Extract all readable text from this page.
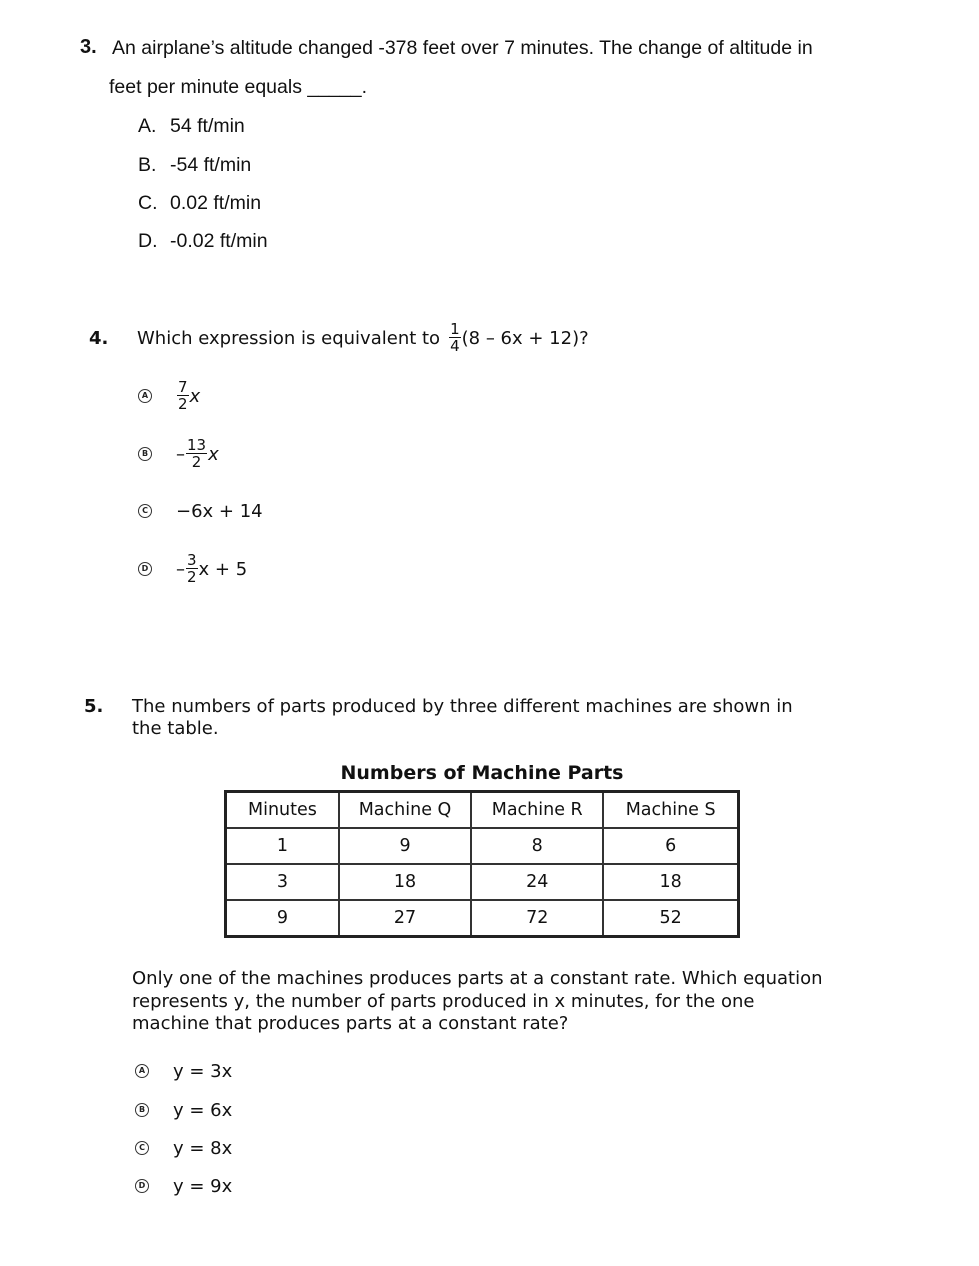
3. An airplane’s altitude changed -378 feet over 7 minutes. The change of altitude in
feet per minute equals _____.
A. 54 ft/min
B. -54 ft/min
C. 0.02 ft/min
D. -0.02 ft/min
4. Which expression is equivalent to $\frac{1}{4} (8 - 6x + 12)$?
A $\frac{7}{2}$ x
B – $\frac{13}{2}$ x
C −6x + 14
D – $\frac{3}{2}$ x + 5
5. The numbers of parts produced by three different machines are shown in
the table.
Numbers of Machine Parts
Minutes	Machine Q	Machine R	Machine S
1	9	8	6
3	18	24	18
9	27	72	52
Only one of the machines produces parts at a constant rate. Which equation
represents y, the number of parts produced in x minutes, for the one
machine that produces parts at a constant rate?
A y = 3x
B y = 6x
C y = 8x
D y = 9x
